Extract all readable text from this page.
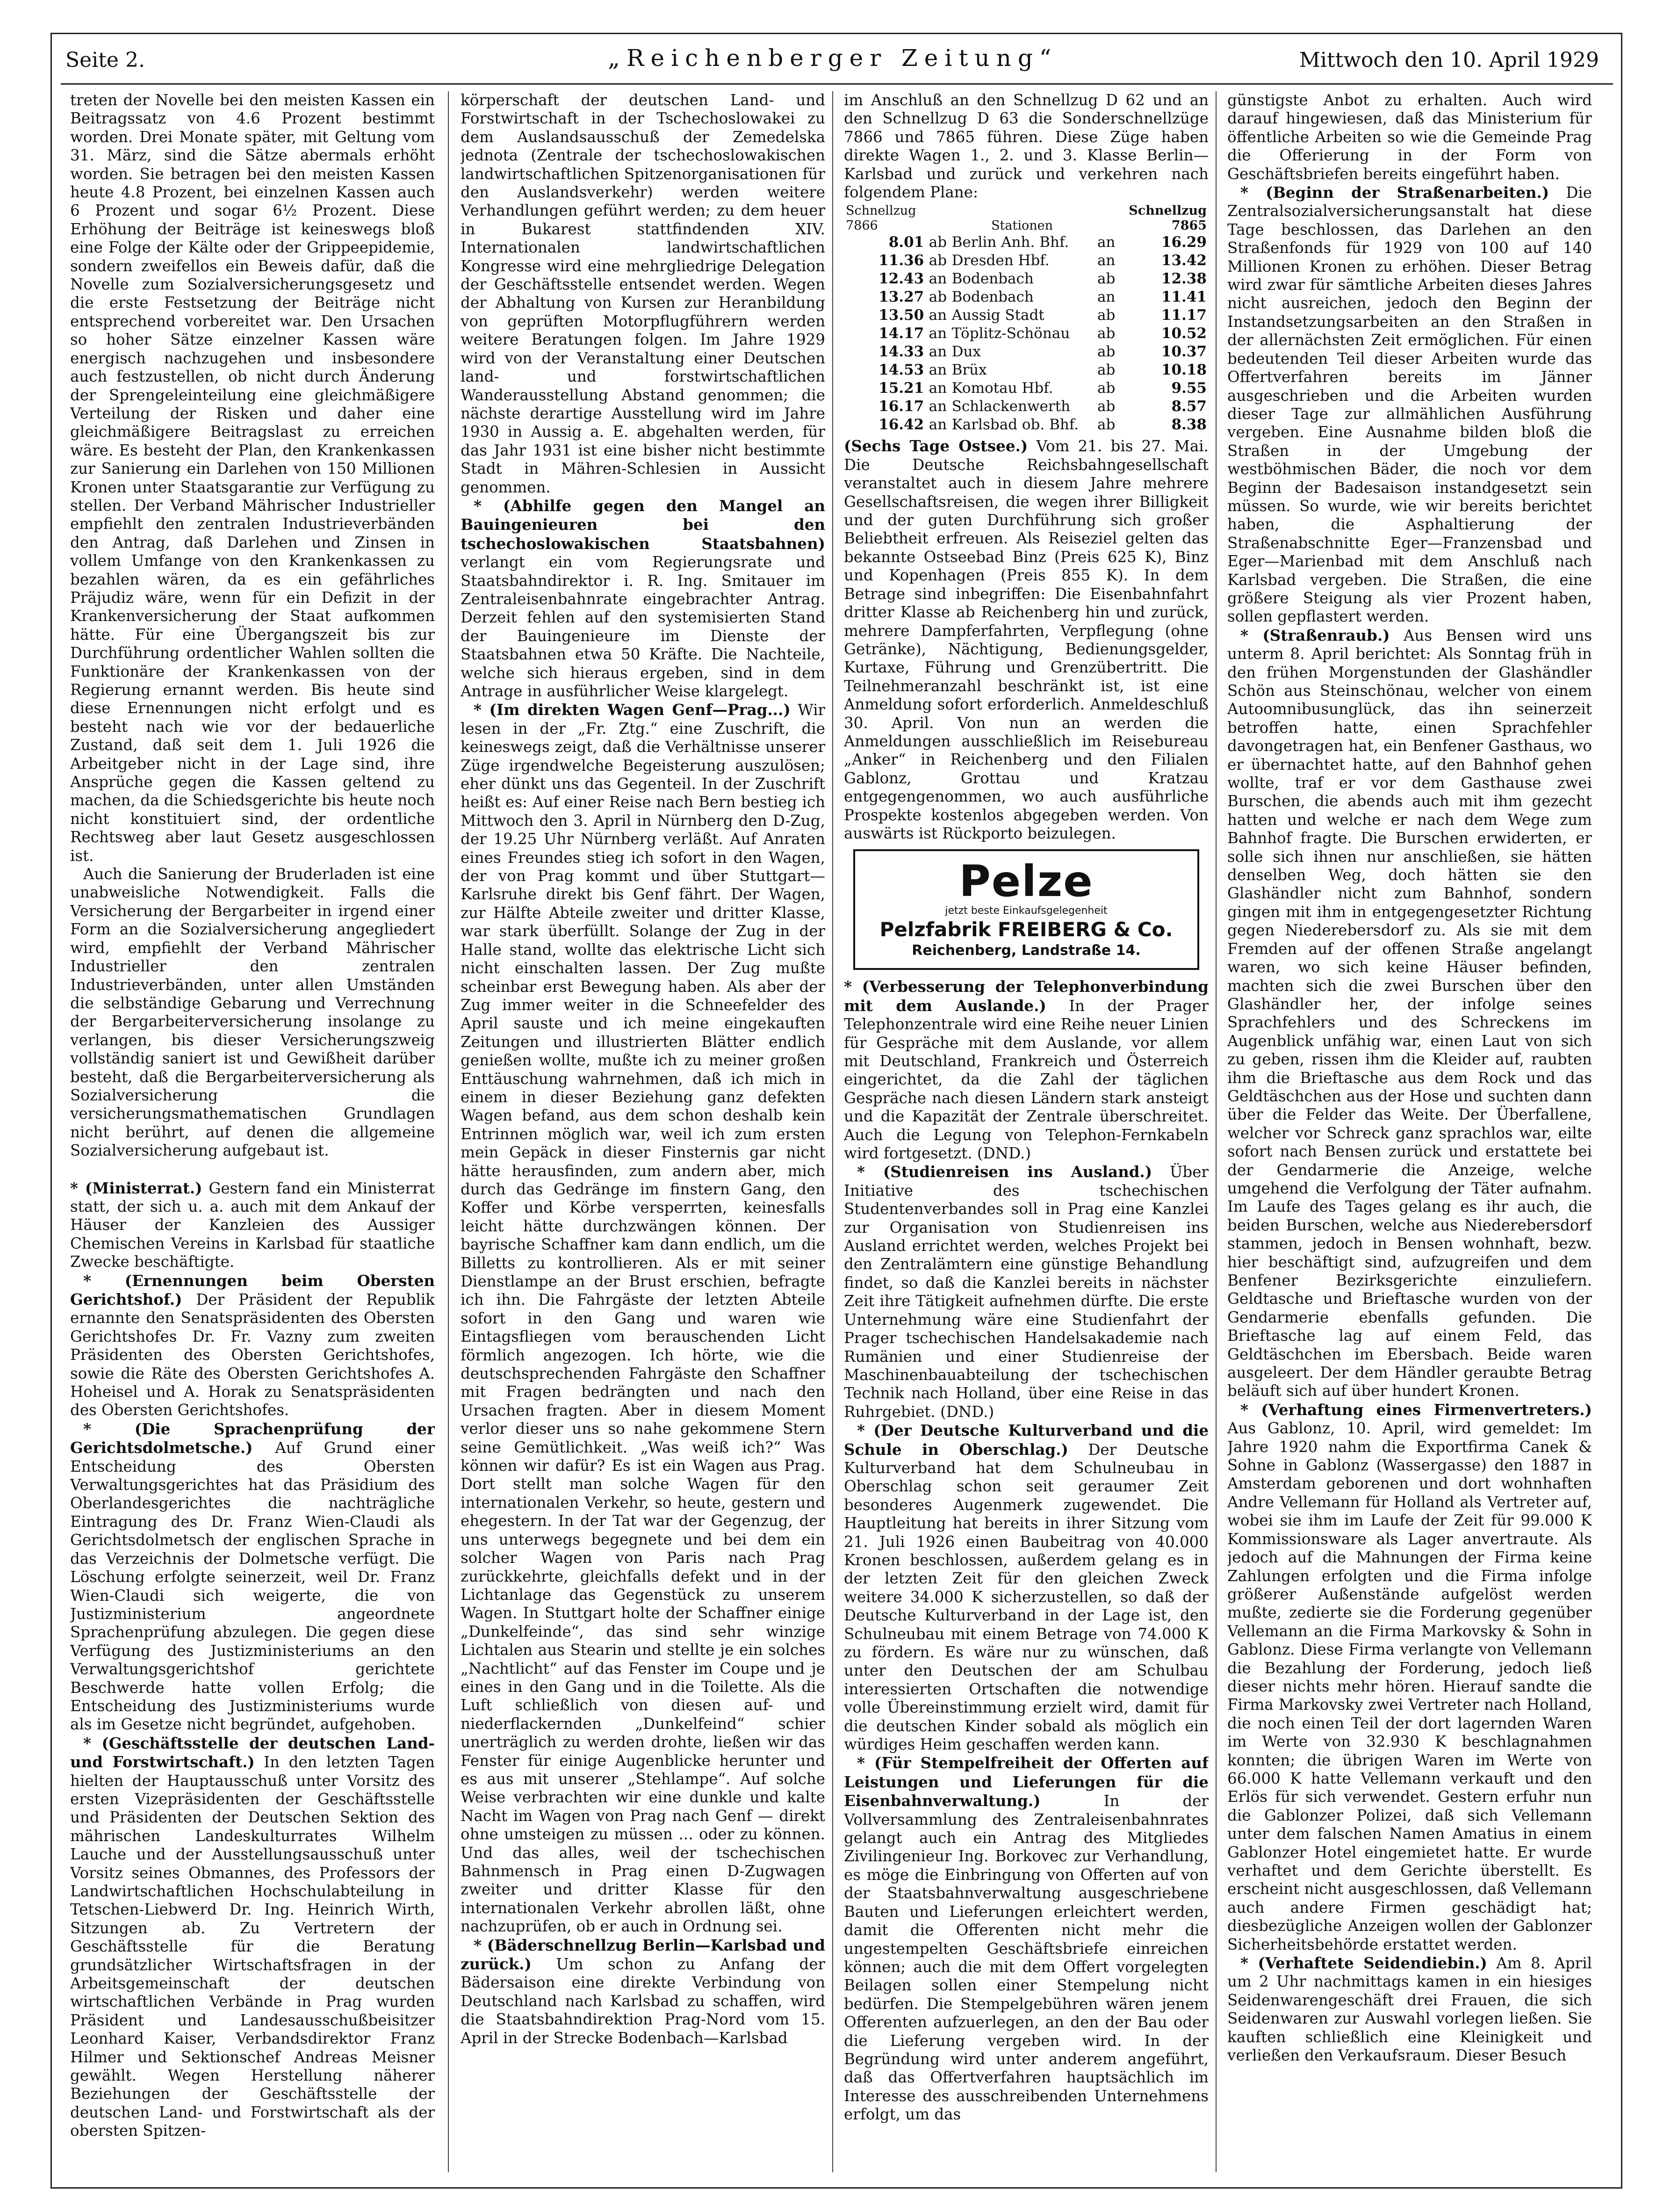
Seite 2.	„Reichenberger Zeitung“	Mittwoch den 10. April 1929

treten der Novelle bei den meisten Kassen ein Beitragssatz von 4.6 Prozent bestimmt worden. Drei Monate später, mit Geltung vom 31. März, sind die Sätze abermals erhöht worden. Sie betragen bei den meisten Kassen heute 4.8 Prozent, bei einzelnen Kassen auch 6 Prozent und sogar 6½ Prozent. Diese Erhöhung der Beiträge ist keineswegs bloß eine Folge der Kälte oder der Grippeepidemie, sondern zweifellos ein Beweis dafür, daß die Novelle zum Sozialversicherungsgesetz und die erste Festsetzung der Beiträge nicht entsprechend vorbereitet war. Den Ursachen so hoher Sätze einzelner Kassen wäre energisch nachzugehen und insbesondere auch festzustellen, ob nicht durch Änderung der Sprengeleinteilung eine gleichmäßigere Verteilung der Risken und daher eine gleichmäßigere Beitragslast zu erreichen wäre. Es besteht der Plan, den Krankenkassen zur Sanierung ein Darlehen von 150 Millionen Kronen unter Staatsgarantie zur Verfügung zu stellen. Der Verband Mährischer Industrieller empfiehlt den zentralen Industrieverbänden den Antrag, daß Darlehen und Zinsen in vollem Umfange von den Krankenkassen zu bezahlen wären, da es ein gefährliches Präjudiz wäre, wenn für ein Defizit in der Krankenversicherung der Staat aufkommen hätte. Für eine Übergangszeit bis zur Durchführung ordentlicher Wahlen sollten die Funktionäre der Krankenkassen von der Regierung ernannt werden. Bis heute sind diese Ernennungen nicht erfolgt und es besteht nach wie vor der bedauerliche Zustand, daß seit dem 1. Juli 1926 die Arbeitgeber nicht in der Lage sind, ihre Ansprüche gegen die Kassen geltend zu machen, da die Schiedsgerichte bis heute noch nicht konstituiert sind, der ordentliche Rechtsweg aber laut Gesetz ausgeschlossen ist.

Auch die Sanierung der Bruderladen ist eine unabweisliche Notwendigkeit. Falls die Versicherung der Bergarbeiter in irgend einer Form an die Sozialversicherung angegliedert wird, empfiehlt der Verband Mährischer Industrieller den zentralen Industrieverbänden, unter allen Umständen die selbständige Gebarung und Verrechnung der Bergarbeiterversicherung insolange zu verlangen, bis dieser Versicherungszweig vollständig saniert ist und Gewißheit darüber besteht, daß die Bergarbeiterversicherung als Sozialversicherung die versicherungsmathematischen Grundlagen nicht berührt, auf denen die allgemeine Sozialversicherung aufgebaut ist.

* (Ministerrat.) Gestern fand ein Ministerrat statt, der sich u. a. auch mit dem Ankauf der Häuser der Kanzleien des Aussiger Chemischen Vereins in Karlsbad für staatliche Zwecke beschäftigte.

* (Ernennungen beim Obersten Gerichtshof.) Der Präsident der Republik ernannte den Senatspräsidenten des Obersten Gerichtshofes Dr. Fr. Vazny zum zweiten Präsidenten des Obersten Gerichtshofes, sowie die Räte des Obersten Gerichtshofes A. Hoheisel und A. Horak zu Senatspräsidenten des Obersten Gerichtshofes.

* (Die Sprachenprüfung der Gerichtsdolmetsche.) Auf Grund einer Entscheidung des Obersten Verwaltungsgerichtes hat das Präsidium des Oberlandesgerichtes die nachträgliche Eintragung des Dr. Franz Wien-Claudi als Gerichtsdolmetsch der englischen Sprache in das Verzeichnis der Dolmetsche verfügt. Die Löschung erfolgte seinerzeit, weil Dr. Franz Wien-Claudi sich weigerte, die von Justizministerium angeordnete Sprachenprüfung abzulegen. Die gegen diese Verfügung des Justizministeriums an den Verwaltungsgerichtshof gerichtete Beschwerde hatte vollen Erfolg; die Entscheidung des Justizministeriums wurde als im Gesetze nicht begründet, aufgehoben.

* (Geschäftsstelle der deutschen Land- und Forstwirtschaft.) In den letzten Tagen hielten der Hauptausschuß unter Vorsitz des ersten Vizepräsidenten der Geschäftsstelle und Präsidenten der Deutschen Sektion des mährischen Landeskulturrates Wilhelm Lauche und der Ausstellungsausschuß unter Vorsitz seines Obmannes, des Professors der Landwirtschaftlichen Hochschulabteilung in Tetschen-Liebwerd Dr. Ing. Heinrich Wirth, Sitzungen ab. Zu Vertretern der Geschäftsstelle für die Beratung grundsätzlicher Wirtschaftsfragen in der Arbeitsgemeinschaft der deutschen wirtschaftlichen Verbände in Prag wurden Präsident und Landesausschußbeisitzer Leonhard Kaiser, Verbandsdirektor Franz Hilmer und Sektionschef Andreas Meisner gewählt. Wegen Herstellung näherer Beziehungen der Geschäftsstelle der deutschen Land- und Forstwirtschaft als der obersten Spitzen-

körperschaft der deutschen Land- und Forstwirtschaft in der Tschechoslowakei zu dem Auslandsausschuß der Zemedelska jednota (Zentrale der tschechoslowakischen landwirtschaftlichen Spitzenorganisationen für den Auslandsverkehr) werden weitere Verhandlungen geführt werden; zu dem heuer in Bukarest stattfindenden XIV. Internationalen landwirtschaftlichen Kongresse wird eine mehrgliedrige Delegation der Geschäftsstelle entsendet werden. Wegen der Abhaltung von Kursen zur Heranbildung von geprüften Motorpflugführern werden weitere Beratungen folgen. Im Jahre 1929 wird von der Veranstaltung einer Deutschen land- und forstwirtschaftlichen Wanderausstellung Abstand genommen; die nächste derartige Ausstellung wird im Jahre 1930 in Aussig a. E. abgehalten werden, für das Jahr 1931 ist eine bisher nicht bestimmte Stadt in Mähren-Schlesien in Aussicht genommen.

* (Abhilfe gegen den Mangel an Bauingenieuren bei den tschechoslowakischen Staatsbahnen) verlangt ein vom Regierungsrate und Staatsbahndirektor i. R. Ing. Smitauer im Zentraleisenbahnrate eingebrachter Antrag. Derzeit fehlen auf den systemisierten Stand der Bauingenieure im Dienste der Staatsbahnen etwa 50 Kräfte. Die Nachteile, welche sich hieraus ergeben, sind in dem Antrage in ausführlicher Weise klargelegt.

* (Im direkten Wagen Genf—Prag...) Wir lesen in der „Fr. Ztg.“ eine Zuschrift, die keineswegs zeigt, daß die Verhältnisse unserer Züge irgendwelche Begeisterung auszulösen; eher dünkt uns das Gegenteil. In der Zuschrift heißt es: Auf einer Reise nach Bern bestieg ich Mittwoch den 3. April in Nürnberg den D-Zug, der 19.25 Uhr Nürnberg verläßt. Auf Anraten eines Freundes stieg ich sofort in den Wagen, der von Prag kommt und über Stuttgart—Karlsruhe direkt bis Genf fährt. Der Wagen, zur Hälfte Abteile zweiter und dritter Klasse, war stark überfüllt. Solange der Zug in der Halle stand, wollte das elektrische Licht sich nicht einschalten lassen. Der Zug mußte scheinbar erst Bewegung haben. Als aber der Zug immer weiter in die Schneefelder des April sauste und ich meine eingekauften Zeitungen und illustrierten Blätter endlich genießen wollte, mußte ich zu meiner großen Enttäuschung wahrnehmen, daß ich mich in einem in dieser Beziehung ganz defekten Wagen befand, aus dem schon deshalb kein Entrinnen möglich war, weil ich zum ersten mein Gepäck in dieser Finsternis gar nicht hätte herausfinden, zum andern aber, mich durch das Gedränge im finstern Gang, den Koffer und Körbe versperrten, keinesfalls leicht hätte durchzwängen können. Der bayrische Schaffner kam dann endlich, um die Billetts zu kontrollieren. Als er mit seiner Dienstlampe an der Brust erschien, befragte ich ihn. Die Fahrgäste der letzten Abteile sofort in den Gang und waren wie Eintagsfliegen vom berauschenden Licht förmlich angezogen. Ich hörte, wie die deutschsprechenden Fahrgäste den Schaffner mit Fragen bedrängten und nach den Ursachen fragten. Aber in diesem Moment verlor dieser uns so nahe gekommene Stern seine Gemütlichkeit. „Was weiß ich?“ Was können wir dafür? Es ist ein Wagen aus Prag. Dort stellt man solche Wagen für den internationalen Verkehr, so heute, gestern und ehegestern. In der Tat war der Gegenzug, der uns unterwegs begegnete und bei dem ein solcher Wagen von Paris nach Prag zurückkehrte, gleichfalls defekt und in der Lichtanlage das Gegenstück zu unserem Wagen. In Stuttgart holte der Schaffner einige „Dunkelfeinde“, das sind sehr winzige Lichtalen aus Stearin und stellte je ein solches „Nachtlicht“ auf das Fenster im Coupe und je eines in den Gang und in die Toilette. Als die Luft schließlich von diesen auf- und niederflackernden „Dunkelfeind“ schier unerträglich zu werden drohte, ließen wir das Fenster für einige Augenblicke herunter und es aus mit unserer „Stehlampe“. Auf solche Weise verbrachten wir eine dunkle und kalte Nacht im Wagen von Prag nach Genf — direkt ohne umsteigen zu müssen ... oder zu können. Und das alles, weil der tschechischen Bahnmensch in Prag einen D-Zugwagen zweiter und dritter Klasse für den internationalen Verkehr abrollen läßt, ohne nachzuprüfen, ob er auch in Ordnung sei.

* (Bäderschnellzug Berlin—Karlsbad und zurück.) Um schon zu Anfang der Bädersaison eine direkte Verbindung von Deutschland nach Karlsbad zu schaffen, wird die Staatsbahndirektion Prag-Nord vom 15. April in der Strecke Bodenbach—Karlsbad

im Anschluß an den Schnellzug D 62 und an den Schnellzug D 63 die Sonderschnellzüge 7866 und 7865 führen. Diese Züge haben direkte Wagen 1., 2. und 3. Klasse Berlin—Karlsbad und zurück und verkehren nach folgendem Plane:

Schnellzug				Schnellzug
7866		Stationen		7865
8.01	ab	Berlin Anh. Bhf.	an	16.29
11.36	ab	Dresden Hbf.	an	13.42
12.43	an	Bodenbach	ab	12.38
13.27	ab	Bodenbach	an	11.41
13.50	an	Aussig Stadt	ab	11.17
14.17	an	Töplitz-Schönau	ab	10.52
14.33	an	Dux	ab	10.37
14.53	an	Brüx	ab	10.18
15.21	an	Komotau Hbf.	ab	9.55
16.17	an	Schlackenwerth	ab	8.57
16.42	an	Karlsbad ob. Bhf.	ab	8.38

(Sechs Tage Ostsee.) Vom 21. bis 27. Mai. Die Deutsche Reichsbahngesellschaft veranstaltet auch in diesem Jahre mehrere Gesellschaftsreisen, die wegen ihrer Billigkeit und der guten Durchführung sich großer Beliebtheit erfreuen. Als Reiseziel gelten das bekannte Ostseebad Binz (Preis 625 K), Binz und Kopenhagen (Preis 855 K). In dem Betrage sind inbegriffen: Die Eisenbahnfahrt dritter Klasse ab Reichenberg hin und zurück, mehrere Dampferfahrten, Verpflegung (ohne Getränke), Nächtigung, Bedienungsgelder, Kurtaxe, Führung und Grenzübertritt. Die Teilnehmeranzahl beschränkt ist, ist eine Anmeldung sofort erforderlich. Anmeldeschluß 30. April. Von nun an werden die Anmeldungen ausschließlich im Reisebureau „Anker“ in Reichenberg und den Filialen Gablonz, Grottau und Kratzau entgegengenommen, wo auch ausführliche Prospekte kostenlos abgegeben werden. Von auswärts ist Rückporto beizulegen.

Pelze
jetzt beste Einkaufsgelegenheit
Pelzfabrik FREIBERG & Co.
Reichenberg, Landstraße 14.

* (Verbesserung der Telephonverbindung mit dem Auslande.) In der Prager Telephonzentrale wird eine Reihe neuer Linien für Gespräche mit dem Auslande, vor allem mit Deutschland, Frankreich und Österreich eingerichtet, da die Zahl der täglichen Gespräche nach diesen Ländern stark ansteigt und die Kapazität der Zentrale überschreitet. Auch die Legung von Telephon-Fernkabeln wird fortgesetzt. (DND.)

* (Studienreisen ins Ausland.) Über Initiative des tschechischen Studentenverbandes soll in Prag eine Kanzlei zur Organisation von Studienreisen ins Ausland errichtet werden, welches Projekt bei den Zentralämtern eine günstige Behandlung findet, so daß die Kanzlei bereits in nächster Zeit ihre Tätigkeit aufnehmen dürfte. Die erste Unternehmung wäre eine Studienfahrt der Prager tschechischen Handelsakademie nach Rumänien und einer Studienreise der Maschinenbauabteilung der tschechischen Technik nach Holland, über eine Reise in das Ruhrgebiet. (DND.)

* (Der Deutsche Kulturverband und die Schule in Oberschlag.) Der Deutsche Kulturverband hat dem Schulneubau in Oberschlag schon seit geraumer Zeit besonderes Augenmerk zugewendet. Die Hauptleitung hat bereits in ihrer Sitzung vom 21. Juli 1926 einen Baubeitrag von 40.000 Kronen beschlossen, außerdem gelang es in der letzten Zeit für den gleichen Zweck weitere 34.000 K sicherzustellen, so daß der Deutsche Kulturverband in der Lage ist, den Schulneubau mit einem Betrage von 74.000 K zu fördern. Es wäre nur zu wünschen, daß unter den Deutschen der am Schulbau interessierten Ortschaften die notwendige volle Übereinstimmung erzielt wird, damit für die deutschen Kinder sobald als möglich ein würdiges Heim geschaffen werden kann.

* (Für Stempelfreiheit der Offerten auf Leistungen und Lieferungen für die Eisenbahnverwaltung.)	In der Vollversammlung des Zentraleisenbahnrates gelangt auch ein Antrag des Mitgliedes Zivilingenieur Ing. Borkovec zur Verhandlung, es möge die Einbringung von Offerten auf von der Staatsbahnverwaltung ausgeschriebene Bauten und Lieferungen erleichtert werden, damit die Offerenten nicht mehr die ungestempelten Geschäftsbriefe einreichen können; auch die mit dem Offert vorgelegten Beilagen sollen einer Stempelung nicht bedürfen. Die Stempelgebühren wären jenem Offerenten aufzuerlegen, an den der Bau oder die Lieferung vergeben wird. In der Begründung wird unter anderem angeführt, daß das Offertverfahren hauptsächlich im Interesse des ausschreibenden Unternehmens erfolgt, um das

günstigste Anbot zu erhalten. Auch wird darauf hingewiesen, daß das Ministerium für öffentliche Arbeiten so wie die Gemeinde Prag die Offerierung in der Form von Geschäftsbriefen bereits eingeführt haben.

* (Beginn der Straßenarbeiten.) Die Zentralsozialversicherungsanstalt hat diese Tage beschlossen, das Darlehen an den Straßenfonds für 1929 von 100 auf 140 Millionen Kronen zu erhöhen. Dieser Betrag wird zwar für sämtliche Arbeiten dieses Jahres nicht ausreichen, jedoch den Beginn der Instandsetzungsarbeiten an den Straßen in der allernächsten Zeit ermöglichen. Für einen bedeutenden Teil dieser Arbeiten wurde das Offertverfahren bereits im Jänner ausgeschrieben und die Arbeiten wurden dieser Tage zur allmählichen Ausführung vergeben. Eine Ausnahme bilden bloß die Straßen in der Umgebung der westböhmischen Bäder, die noch vor dem Beginn der Badesaison instandgesetzt sein müssen. So wurde, wie wir bereits berichtet haben, die Asphaltierung der Straßenabschnitte Eger—Franzensbad und Eger—Marienbad mit dem Anschluß nach Karlsbad vergeben. Die Straßen, die eine größere Steigung als vier Prozent haben, sollen gepflastert werden.

* (Straßenraub.) Aus Bensen wird uns unterm 8. April berichtet: Als Sonntag früh in den frühen Morgenstunden der Glashändler Schön aus Steinschönau, welcher von einem Autoomnibusunglück, das ihn seinerzeit betroffen hatte, einen Sprachfehler davongetragen hat, ein Benfener Gasthaus, wo er übernachtet hatte, auf den Bahnhof gehen wollte, traf er vor dem Gasthause zwei Burschen, die abends auch mit ihm gezecht hatten und welche er nach dem Wege zum Bahnhof fragte. Die Burschen erwiderten, er solle sich ihnen nur anschließen, sie hätten denselben Weg, doch hätten sie den Glashändler nicht zum Bahnhof, sondern gingen mit ihm in entgegengesetzter Richtung gegen Niederebersdorf zu. Als sie mit dem Fremden auf der offenen Straße angelangt waren, wo sich keine Häuser befinden, machten sich die zwei Burschen über den Glashändler her, der infolge seines Sprachfehlers und des Schreckens im Augenblick unfähig war, einen Laut von sich zu geben, rissen ihm die Kleider auf, raubten ihm die Brieftasche aus dem Rock und das Geldtäschchen aus der Hose und suchten dann über die Felder das Weite. Der Überfallene, welcher vor Schreck ganz sprachlos war, eilte sofort nach Bensen zurück und erstattete bei der Gendarmerie die Anzeige, welche umgehend die Verfolgung der Täter aufnahm. Im Laufe des Tages gelang es ihr auch, die beiden Burschen, welche aus Niederebersdorf stammen, jedoch in Bensen wohnhaft, bezw. hier beschäftigt sind, aufzugreifen und dem Benfener Bezirksgerichte einzuliefern. Geldtasche und Brieftasche wurden von der Gendarmerie ebenfalls gefunden. Die Brieftasche lag auf einem Feld, das Geldtäschchen im Ebersbach. Beide waren ausgeleert. Der dem Händler geraubte Betrag beläuft sich auf über hundert Kronen.

* (Verhaftung eines Firmenvertreters.) Aus Gablonz, 10. April, wird gemeldet: Im Jahre 1920 nahm die Exportfirma Canek & Sohne in Gablonz (Wassergasse) den 1887 in Amsterdam geborenen und dort wohnhaften Andre Vellemann für Holland als Vertreter auf, wobei sie ihm im Laufe der Zeit für 99.000 K Kommissionsware als Lager anvertraute. Als jedoch auf die Mahnungen der Firma keine Zahlungen erfolgten und die Firma infolge größerer Außenstände aufgelöst werden mußte, zedierte sie die Forderung gegenüber Vellemann an die Firma Markovsky & Sohn in Gablonz. Diese Firma verlangte von Vellemann die Bezahlung der Forderung, jedoch ließ dieser nichts mehr hören. Hierauf sandte die Firma Markovsky zwei Vertreter nach Holland, die noch einen Teil der dort lagernden Waren im Werte von 32.930 K beschlagnahmen konnten; die übrigen Waren im Werte von 66.000 K hatte Vellemann verkauft und den Erlös für sich verwendet. Gestern erfuhr nun die Gablonzer Polizei, daß sich Vellemann unter dem falschen Namen Amatius in einem Gablonzer Hotel eingemietet hatte. Er wurde verhaftet und dem Gerichte überstellt. Es erscheint nicht ausgeschlossen, daß Vellemann auch andere Firmen geschädigt hat; diesbezügliche Anzeigen wollen der Gablonzer Sicherheitsbehörde erstattet werden.

* (Verhaftete Seidendiebin.) Am 8. April um 2 Uhr nachmittags kamen in ein hiesiges Seidenwarengeschäft drei Frauen, die sich Seidenwaren zur Auswahl vorlegen ließen. Sie kauften schließlich eine Kleinigkeit und verließen den Verkaufsraum. Dieser Besuch
